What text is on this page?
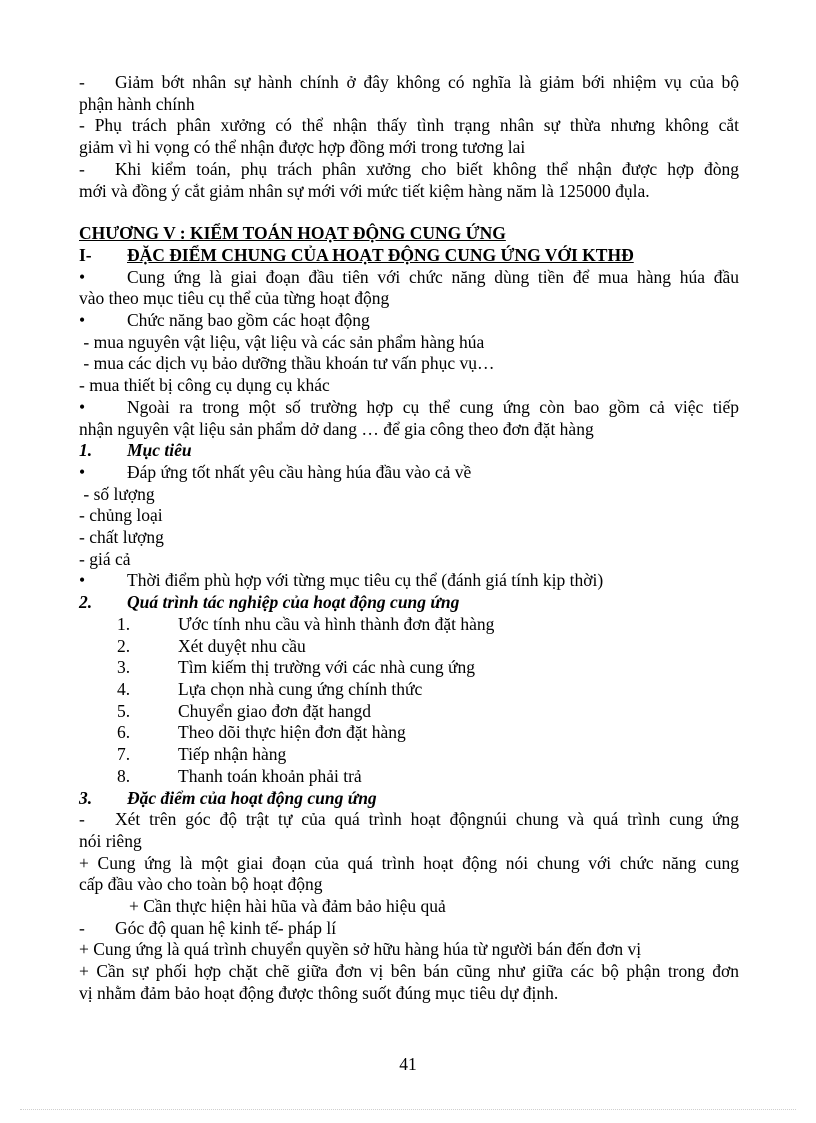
- Giảm bớt nhân sự hành chính ở đây không có nghĩa là giảm bới nhiệm vụ của bộ
phận hành chính
- Phụ trách phân xưởng có thể nhận thấy tình trạng nhân sự thừa nhưng không cắt
giảm vì hi vọng có thể nhận được hợp đồng mới trong tương lai
- Khi kiểm toán, phụ trách phân xưởng cho biết không thể nhận được hợp đòng
mới và đồng ý cắt giảm nhân sự mới với mức tiết kiệm hàng năm là 125000 đụla.
CHƯƠNG V : KIỂM TOÁN HOẠT ĐỘNG CUNG ỨNG
I- ĐẶC ĐIỂM CHUNG CỦA HOẠT ĐỘNG CUNG ỨNG VỚI KTHĐ
• Cung ứng là giai đoạn đầu tiên với chức năng dùng tiền để mua hàng húa đầu
vào theo mục tiêu cụ thể của từng hoạt động
• Chức năng bao gồm các hoạt động
- mua nguyên vật liệu, vật liệu và các sản phẩm hàng húa
- mua các dịch vụ bảo dưỡng thầu khoán tư vấn phục vụ…
- mua thiết bị công cụ dụng cụ khác
• Ngoài ra trong một số trường hợp cụ thể cung ứng còn bao gồm cả việc tiếp
nhận nguyên vật liệu sản phẩm dở dang … để gia công theo đơn đặt hàng
1. Mục tiêu
• Đáp ứng tốt nhất yêu cầu hàng húa đầu vào cả về
- số lượng
- chủng loại
- chất lượng
- giá cả
• Thời điểm phù hợp với từng mục tiêu cụ thể (đánh giá tính kịp thời)
2. Quá trình tác nghiệp của hoạt động cung ứng
1.	Ước tính nhu cầu và hình thành đơn đặt hàng
2.	Xét duyệt nhu cầu
3.	Tìm kiếm thị trường với các nhà cung ứng
4.	Lựa chọn nhà cung ứng chính thức
5.	Chuyển giao đơn đặt hangd
6.	Theo dõi thực hiện đơn đặt hàng
7.	Tiếp nhận hàng
8.	Thanh toán khoản phải trả
3. Đặc điểm của hoạt động cung ứng
- Xét trên góc độ trật tự của quá trình hoạt độngnúi chung và quá trình cung ứng
nói riêng
+ Cung ứng là một giai đoạn của quá trình hoạt động nói chung với chức năng cung
cấp đầu vào cho toàn bộ hoạt động
+ Cần thực hiện hài hũa và đảm bảo hiệu quả
- Góc độ quan hệ kinh tế- pháp lí
+ Cung ứng là quá trình chuyển quyền sở hữu hàng húa từ người bán đến đơn vị
+ Cần sự phối hợp chặt chẽ giữa đơn vị bên bán cũng như giữa các bộ phận trong đơn
vị nhằm đảm bảo hoạt động được thông suốt đúng mục tiêu dự định.
41
